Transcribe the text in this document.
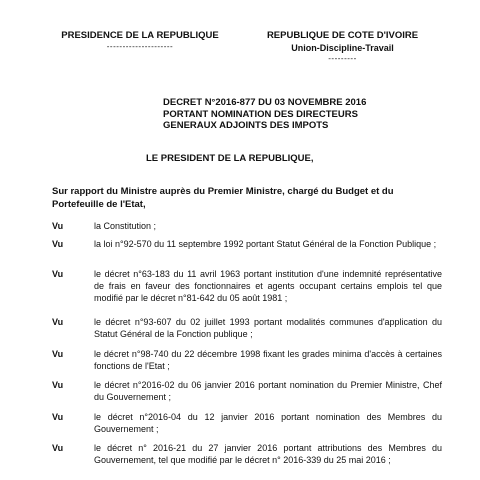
PRESIDENCE DE LA REPUBLIQUE
---------------------
REPUBLIQUE DE COTE D'IVOIRE
Union-Discipline-Travail
---------
DECRET N°2016-877 DU 03 NOVEMBRE 2016
PORTANT NOMINATION DES DIRECTEURS
GENERAUX ADJOINTS DES IMPOTS
LE PRESIDENT DE LA REPUBLIQUE,
Sur rapport du Ministre auprès du Premier Ministre, chargé du Budget et du Portefeuille de l'Etat,
Vu	la Constitution ;
Vu	la loi n°92-570 du 11 septembre 1992 portant Statut Général de la Fonction Publique ;
Vu	le décret n°63-183 du 11 avril 1963 portant institution d'une indemnité représentative de frais en faveur des fonctionnaires et agents occupant certains emplois tel que modifié par le décret n°81-642 du 05 août 1981 ;
Vu	le décret n°93-607 du 02 juillet 1993 portant modalités communes d'application du Statut Général de la Fonction publique ;
Vu	le décret n°98-740 du 22 décembre 1998 fixant les grades minima d'accès à certaines fonctions de l'Etat ;
Vu	le décret n°2016-02 du 06 janvier 2016 portant nomination du Premier Ministre, Chef du Gouvernement ;
Vu	le décret n°2016-04 du 12 janvier 2016 portant nomination des Membres du Gouvernement ;
Vu	le décret n° 2016-21 du 27 janvier 2016 portant attributions des Membres du Gouvernement, tel que modifié par le décret n° 2016-339 du 25 mai 2016 ;
